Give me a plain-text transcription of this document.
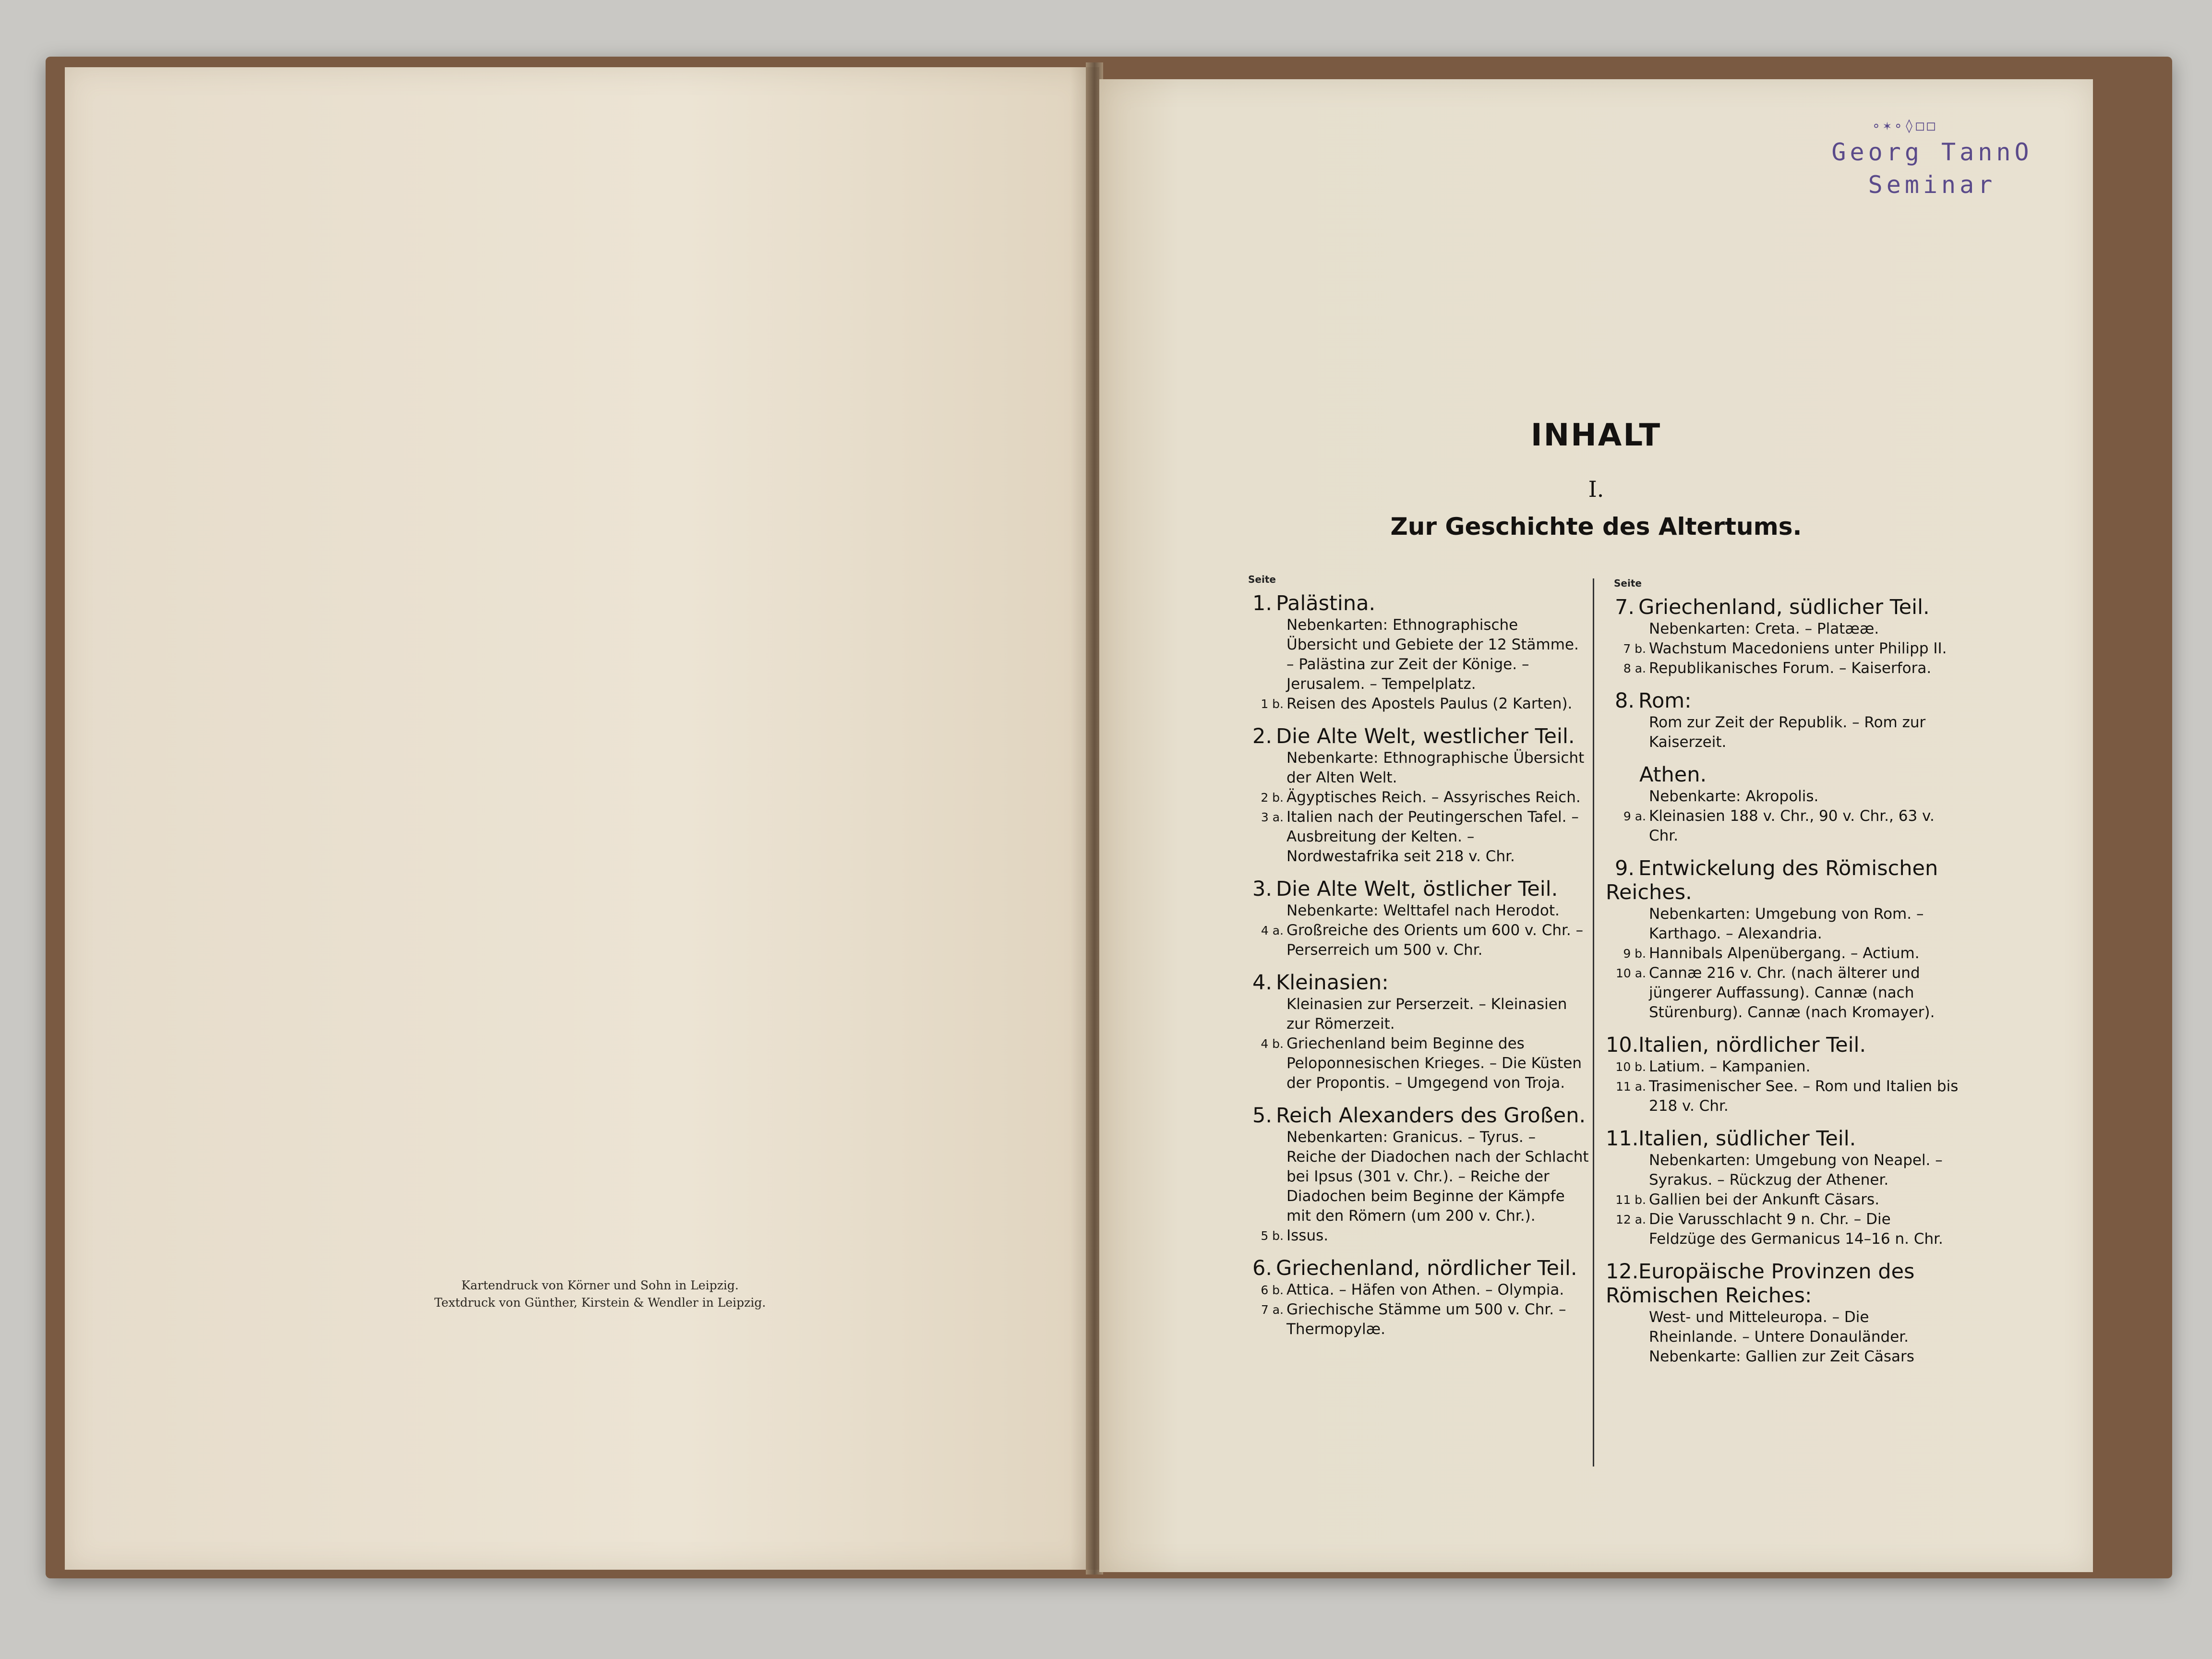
Kartendruck von Körner und Sohn in Leipzig.
Textdruck von Günther, Kirstein & Wendler in Leipzig.
∘✶∘◊□□
Georg TannO
Seminar
INHALT
I.
Zur Geschichte des Altertums.
Seite	Seite
1. Palästina.
Nebenkarten: Ethnographische Übersicht und Gebiete der 12 Stämme. – Palästina zur Zeit der Könige. – Jerusalem. – Tempelplatz.
1 b. Reisen des Apostels Paulus (2 Karten).
2. Die Alte Welt, westlicher Teil.
Nebenkarte: Ethnographische Übersicht der Alten Welt.
2 b. Ägyptisches Reich. – Assyrisches Reich.
3 a. Italien nach der Peutingerschen Tafel. – Ausbreitung der Kelten. – Nordwestafrika seit 218 v. Chr.
3. Die Alte Welt, östlicher Teil.
Nebenkarte: Welttafel nach Herodot.
4 a. Großreiche des Orients um 600 v. Chr. – Perserreich um 500 v. Chr.
4. Kleinasien:
Kleinasien zur Perserzeit. – Kleinasien zur Römerzeit.
4 b. Griechenland beim Beginne des Peloponnesischen Krieges. – Die Küsten der Propontis. – Umgegend von Troja.
5. Reich Alexanders des Großen.
Nebenkarten: Granicus. – Tyrus. – Reiche der Diadochen nach der Schlacht bei Ipsus (301 v. Chr.). – Reiche der Diadochen beim Beginne der Kämpfe mit den Römern (um 200 v. Chr.).
5 b. Issus.
6. Griechenland, nördlicher Teil.
6 b. Attica. – Häfen von Athen. – Olympia.
7 a. Griechische Stämme um 500 v. Chr. – Thermopylæ.
7. Griechenland, südlicher Teil.
Nebenkarten: Creta. – Platææ.
7 b. Wachstum Macedoniens unter Philipp II.
8 a. Republikanisches Forum. – Kaiserfora.
8. Rom:
Rom zur Zeit der Republik. – Rom zur Kaiserzeit.
Athen.
Nebenkarte: Akropolis.
9 a. Kleinasien 188 v. Chr., 90 v. Chr., 63 v. Chr.
9. Entwickelung des Römischen Reiches.
Nebenkarten: Umgebung von Rom. – Karthago. – Alexandria.
9 b. Hannibals Alpenübergang. – Actium.
10 a. Cannæ 216 v. Chr. (nach älterer und jüngerer Auffassung). Cannæ (nach Stürenburg). Cannæ (nach Kromayer).
10.Italien, nördlicher Teil.
10 b. Latium. – Kampanien.
11 a. Trasimenischer See. – Rom und Italien bis 218 v. Chr.
11.Italien, südlicher Teil.
Nebenkarten: Umgebung von Neapel. – Syrakus. – Rückzug der Athener.
11 b. Gallien bei der Ankunft Cäsars.
12 a. Die Varusschlacht 9 n. Chr. – Die Feldzüge des Germanicus 14–16 n. Chr.
12.Europäische Provinzen des Römischen Reiches:
West- und Mitteleuropa. – Die Rheinlande. – Untere Donauländer. Nebenkarte: Gallien zur Zeit Cäsars
